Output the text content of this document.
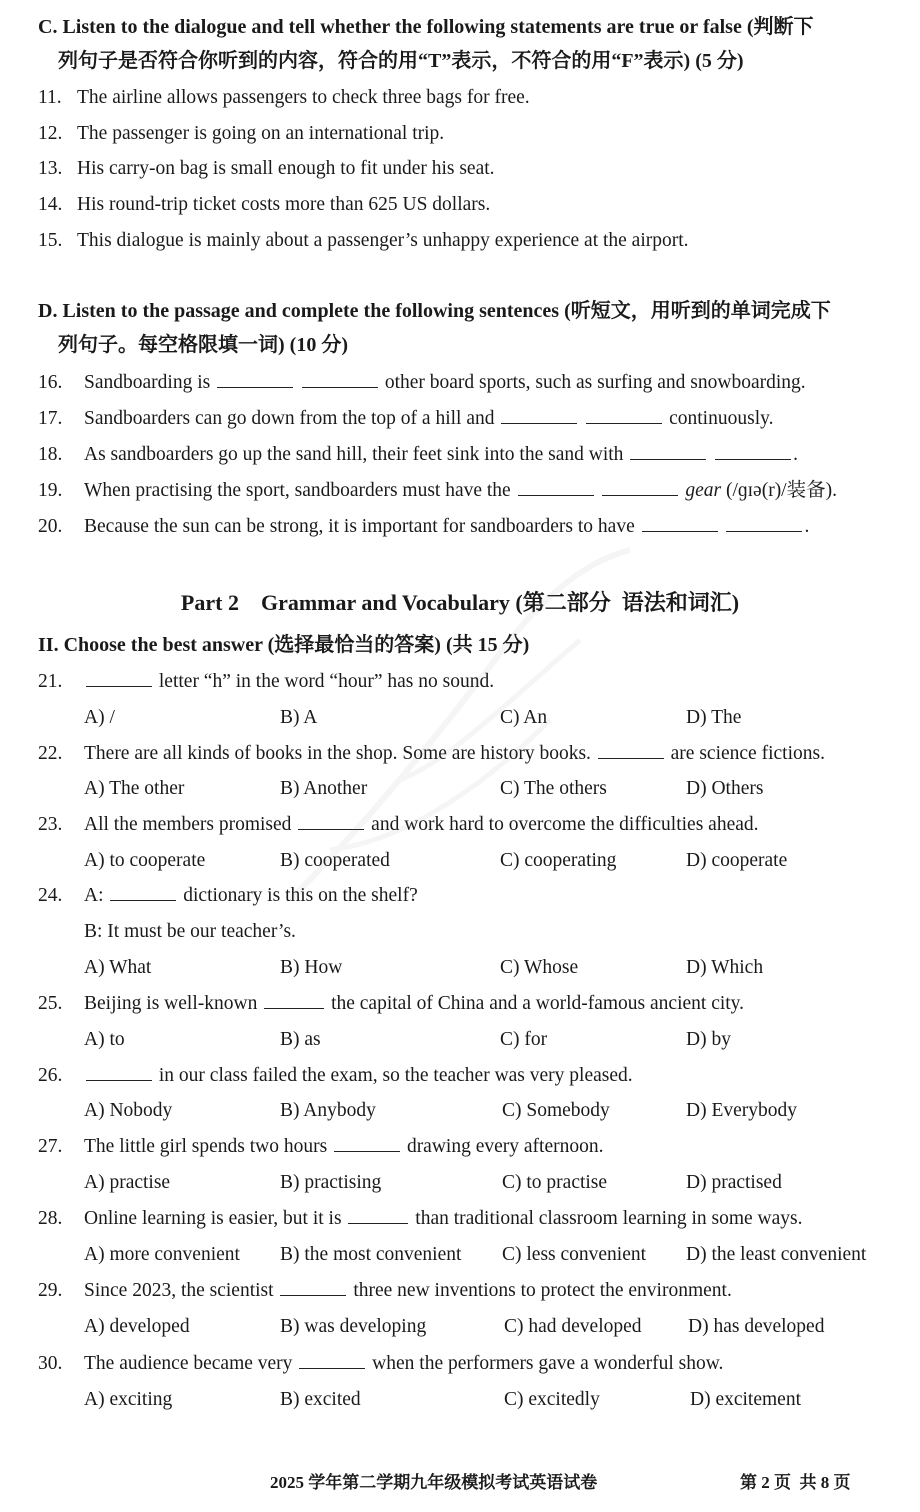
C. Listen to the dialogue and tell whether the following statements are true or false (判断下
列句子是否符合你听到的内容，符合的用“T”表示，不符合的用“F”表示) (5 分)
11. The airline allows passengers to check three bags for free.
12. The passenger is going on an international trip.
13. His carry-on bag is small enough to fit under his seat.
14. His round-trip ticket costs more than 625 US dollars.
15. This dialogue is mainly about a passenger’s unhappy experience at the airport.
D. Listen to the passage and complete the following sentences (听短文，用听到的单词完成下
列句子。每空格限填一词) (10 分)
16. Sandboarding is	other board sports, such as surfing and snowboarding.
17. Sandboarders can go down from the top of a hill and	continuously.
18. As sandboarders go up the sand hill, their feet sink into the sand with	.
19. When practising the sport, sandboarders must have the	gear (/ɡɪə(r)/装备).
20. Because the sun can be strong, it is important for sandboarders to have	.
Part 2    Grammar and Vocabulary (第二部分  语法和词汇)
II. Choose the best answer (选择最恰当的答案) (共 15 分)
21.	letter “h” in the word “hour” has no sound.
A) /	B) A	C) An	D) The
22. There are all kinds of books in the shop. Some are history books.	are science fictions.
A) The other	B) Another	C) The others	D) Others
23. All the members promised	and work hard to overcome the difficulties ahead.
A) to cooperate	B) cooperated	C) cooperating	D) cooperate
24. A:	dictionary is this on the shelf?
B: It must be our teacher’s.
A) What	B) How	C) Whose	D) Which
25. Beijing is well-known	the capital of China and a world-famous ancient city.
A) to	B) as	C) for	D) by
26.	in our class failed the exam, so the teacher was very pleased.
A) Nobody	B) Anybody	C) Somebody	D) Everybody
27. The little girl spends two hours	drawing every afternoon.
A) practise	B) practising	C) to practise	D) practised
28. Online learning is easier, but it is	than traditional classroom learning in some ways.
A) more convenient B) the most convenient C) less convenient D) the least convenient
29. Since 2023, the scientist	three new inventions to protect the environment.
A) developed	B) was developing	C) had developed D) has developed
30. The audience became very	when the performers gave a wonderful show.
A) exciting	B) excited	C) excitedly	D) excitement
2025 学年第二学期九年级模拟考试英语试卷	第 2 页  共 8 页
